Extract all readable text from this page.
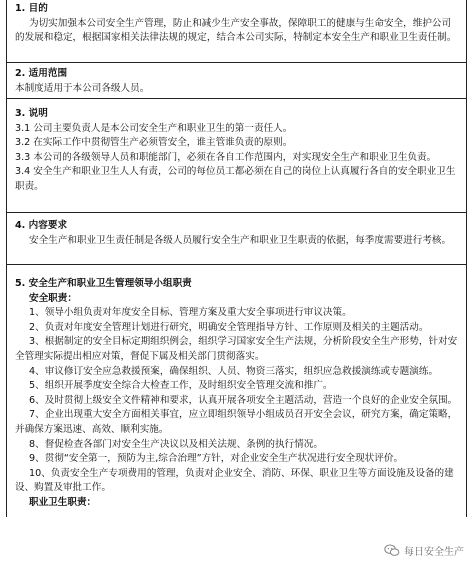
1. 目的

为切实加强本公司安全生产管理，防止和减少生产安全事故，保障职工的健康与生命安全，维护公司的发展和稳定，根据国家相关法律法规的规定，结合本公司实际，特制定本安全生产和职业卫生责任制。

2. 适用范围

本制度适用于本公司各级人员。

3. 说明

3.1 公司主要负责人是本公司安全生产和职业卫生的第一责任人。

3.2 在实际工作中贯彻管生产必须管安全，谁主管谁负责的原则。

3.3 本公司的各级领导人员和职能部门，必须在各自工作范围内，对实现安全生产和职业卫生负责。

3.4 安全生产和职业卫生人人有责，公司的每位员工都必须在自己的岗位上认真履行各自的安全职业卫生职责。

4. 内容要求

安全生产和职业卫生责任制是各级人员履行安全生产和职业卫生职责的依据，每季度需要进行考核。

5. 安全生产和职业卫生管理领导小组职责
安全职责：

1、领导小组负责对年度安全目标、管理方案及重大安全事项进行审议决策。

2、负责对年度安全管理计划进行研究，明确安全管理指导方针、工作原则及相关的主题活动。

3、根据制定的安全目标定期组织例会，组织学习国家安全生产法规，分析阶段安全生产形势，针对安全管理实际提出相应对策，督促下属及相关部门贯彻落实。

4、审议修订安全应急救援预案，确保组织、人员、物资三落实，组织应急救援演练或专题演练。

5、组织开展季度安全综合大检查工作，及时组织安全管理交流和推广。

6、及时贯彻上级安全文件精神和要求，认真开展各项安全主题活动，营造一个良好的企业安全氛围。

7、企业出现重大安全方面相关事宜，应立即组织领导小组成员召开安全会议，研究方案，确定策略，并确保方案迅速、高效、顺利实施。

8、督促检查各部门对安全生产决议以及相关法规、条例的执行情况。

9、贯彻“安全第一，预防为主,综合治理”方针，对企业安全生产状况进行安全现状评价。

10、负责安全生产专项费用的管理，负责对企业安全、消防、环保、职业卫生等方面设施及设备的建设、购置及审批工作。

职业卫生职责：
每日安全生产
